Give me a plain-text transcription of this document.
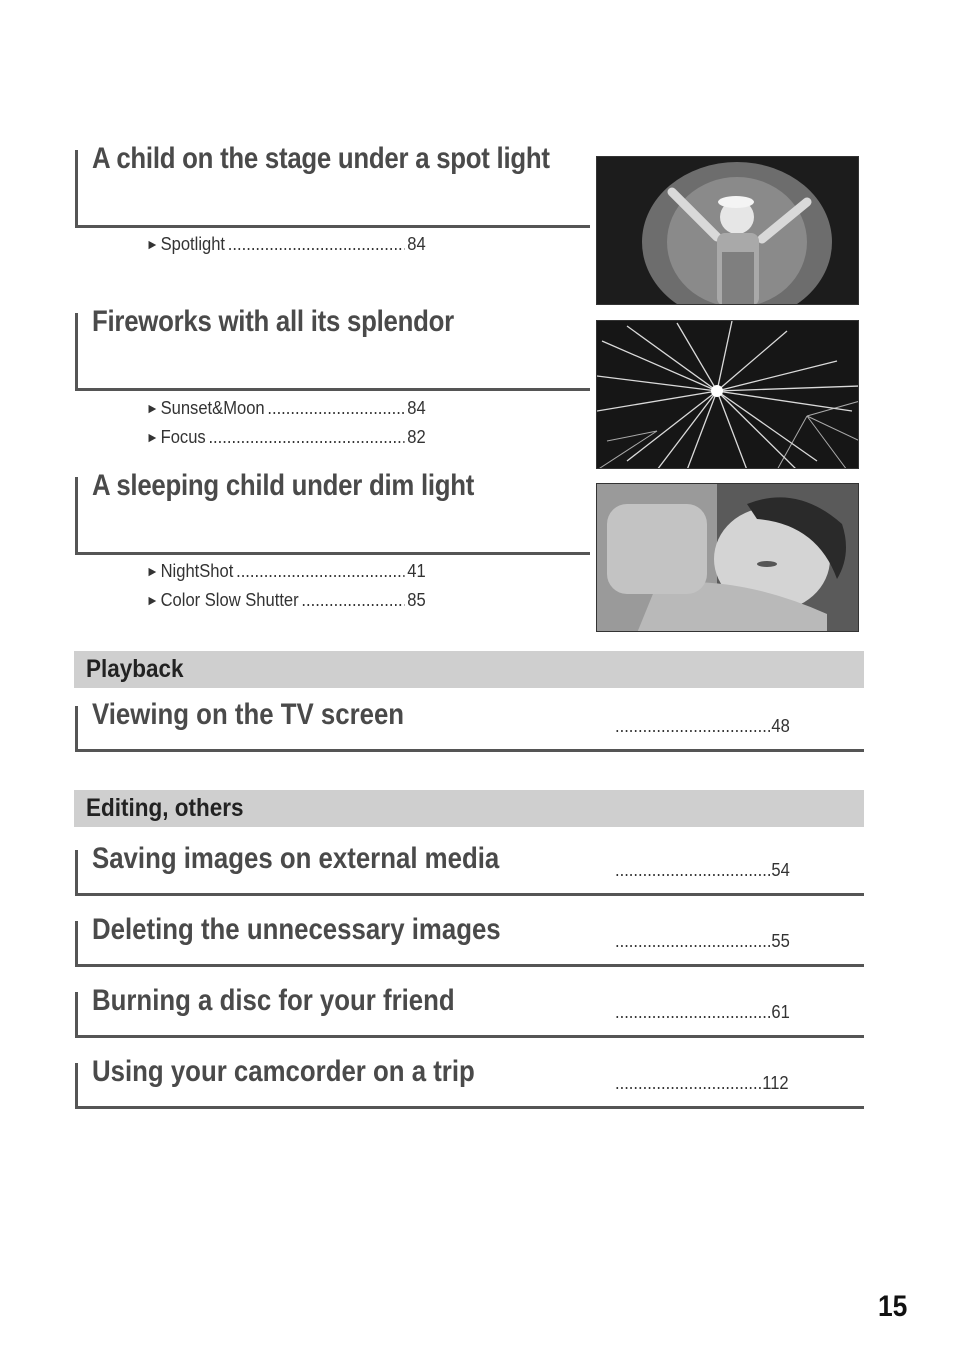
A child on the stage under a spot light
► Spotlight .....	84
Fireworks with all its splendor
► Sunset&Moon .....	84
► Focus .....	82
A sleeping child under dim light
► NightShot .....	41
► Color Slow Shutter .....	85
Playback
Viewing on the TV screen	..................................48
Editing, others
Saving images on external media	..................................54
Deleting the unnecessary images	..................................55
Burning a disc for your friend	..................................61
Using your camcorder on a trip	................................112
15
